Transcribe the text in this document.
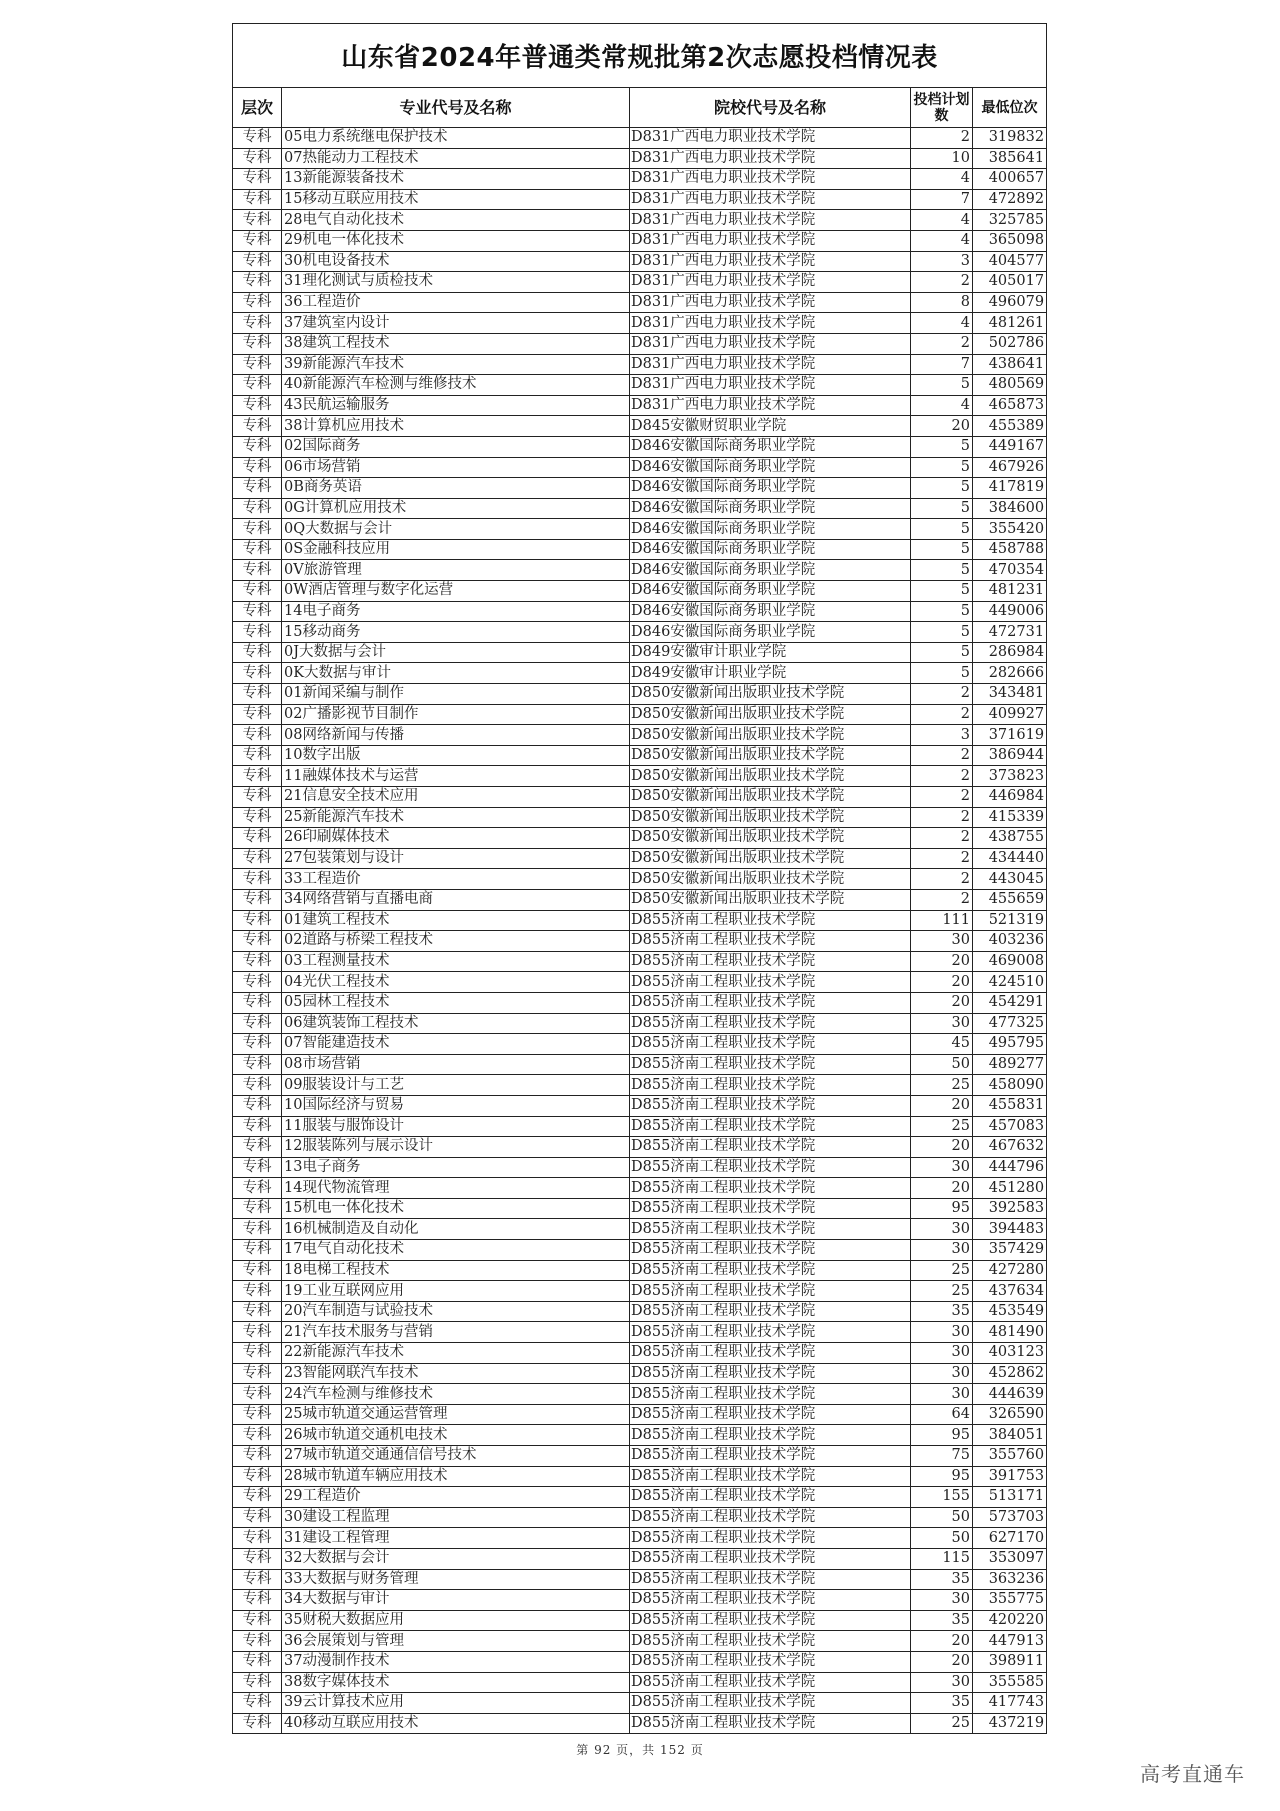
山东省2024年普通类常规批第2次志愿投档情况表				
层次	专业代号及名称	院校代号及名称	投档计划数	最低位次
专科	05电力系统继电保护技术	D831广西电力职业技术学院	2	319832
专科	07热能动力工程技术	D831广西电力职业技术学院	10	385641
专科	13新能源装备技术	D831广西电力职业技术学院	4	400657
专科	15移动互联应用技术	D831广西电力职业技术学院	7	472892
专科	28电气自动化技术	D831广西电力职业技术学院	4	325785
专科	29机电一体化技术	D831广西电力职业技术学院	4	365098
专科	30机电设备技术	D831广西电力职业技术学院	3	404577
专科	31理化测试与质检技术	D831广西电力职业技术学院	2	405017
专科	36工程造价	D831广西电力职业技术学院	8	496079
专科	37建筑室内设计	D831广西电力职业技术学院	4	481261
专科	38建筑工程技术	D831广西电力职业技术学院	2	502786
专科	39新能源汽车技术	D831广西电力职业技术学院	7	438641
专科	40新能源汽车检测与维修技术	D831广西电力职业技术学院	5	480569
专科	43民航运输服务	D831广西电力职业技术学院	4	465873
专科	38计算机应用技术	D845安徽财贸职业学院	20	455389
专科	02国际商务	D846安徽国际商务职业学院	5	449167
专科	06市场营销	D846安徽国际商务职业学院	5	467926
专科	0B商务英语	D846安徽国际商务职业学院	5	417819
专科	0G计算机应用技术	D846安徽国际商务职业学院	5	384600
专科	0Q大数据与会计	D846安徽国际商务职业学院	5	355420
专科	0S金融科技应用	D846安徽国际商务职业学院	5	458788
专科	0V旅游管理	D846安徽国际商务职业学院	5	470354
专科	0W酒店管理与数字化运营	D846安徽国际商务职业学院	5	481231
专科	14电子商务	D846安徽国际商务职业学院	5	449006
专科	15移动商务	D846安徽国际商务职业学院	5	472731
专科	0J大数据与会计	D849安徽审计职业学院	5	286984
专科	0K大数据与审计	D849安徽审计职业学院	5	282666
专科	01新闻采编与制作	D850安徽新闻出版职业技术学院	2	343481
专科	02广播影视节目制作	D850安徽新闻出版职业技术学院	2	409927
专科	08网络新闻与传播	D850安徽新闻出版职业技术学院	3	371619
专科	10数字出版	D850安徽新闻出版职业技术学院	2	386944
专科	11融媒体技术与运营	D850安徽新闻出版职业技术学院	2	373823
专科	21信息安全技术应用	D850安徽新闻出版职业技术学院	2	446984
专科	25新能源汽车技术	D850安徽新闻出版职业技术学院	2	415339
专科	26印刷媒体技术	D850安徽新闻出版职业技术学院	2	438755
专科	27包装策划与设计	D850安徽新闻出版职业技术学院	2	434440
专科	33工程造价	D850安徽新闻出版职业技术学院	2	443045
专科	34网络营销与直播电商	D850安徽新闻出版职业技术学院	2	455659
专科	01建筑工程技术	D855济南工程职业技术学院	111	521319
专科	02道路与桥梁工程技术	D855济南工程职业技术学院	30	403236
专科	03工程测量技术	D855济南工程职业技术学院	20	469008
专科	04光伏工程技术	D855济南工程职业技术学院	20	424510
专科	05园林工程技术	D855济南工程职业技术学院	20	454291
专科	06建筑装饰工程技术	D855济南工程职业技术学院	30	477325
专科	07智能建造技术	D855济南工程职业技术学院	45	495795
专科	08市场营销	D855济南工程职业技术学院	50	489277
专科	09服装设计与工艺	D855济南工程职业技术学院	25	458090
专科	10国际经济与贸易	D855济南工程职业技术学院	20	455831
专科	11服装与服饰设计	D855济南工程职业技术学院	25	457083
专科	12服装陈列与展示设计	D855济南工程职业技术学院	20	467632
专科	13电子商务	D855济南工程职业技术学院	30	444796
专科	14现代物流管理	D855济南工程职业技术学院	20	451280
专科	15机电一体化技术	D855济南工程职业技术学院	95	392583
专科	16机械制造及自动化	D855济南工程职业技术学院	30	394483
专科	17电气自动化技术	D855济南工程职业技术学院	30	357429
专科	18电梯工程技术	D855济南工程职业技术学院	25	427280
专科	19工业互联网应用	D855济南工程职业技术学院	25	437634
专科	20汽车制造与试验技术	D855济南工程职业技术学院	35	453549
专科	21汽车技术服务与营销	D855济南工程职业技术学院	30	481490
专科	22新能源汽车技术	D855济南工程职业技术学院	30	403123
专科	23智能网联汽车技术	D855济南工程职业技术学院	30	452862
专科	24汽车检测与维修技术	D855济南工程职业技术学院	30	444639
专科	25城市轨道交通运营管理	D855济南工程职业技术学院	64	326590
专科	26城市轨道交通机电技术	D855济南工程职业技术学院	95	384051
专科	27城市轨道交通通信信号技术	D855济南工程职业技术学院	75	355760
专科	28城市轨道车辆应用技术	D855济南工程职业技术学院	95	391753
专科	29工程造价	D855济南工程职业技术学院	155	513171
专科	30建设工程监理	D855济南工程职业技术学院	50	573703
专科	31建设工程管理	D855济南工程职业技术学院	50	627170
专科	32大数据与会计	D855济南工程职业技术学院	115	353097
专科	33大数据与财务管理	D855济南工程职业技术学院	35	363236
专科	34大数据与审计	D855济南工程职业技术学院	30	355775
专科	35财税大数据应用	D855济南工程职业技术学院	35	420220
专科	36会展策划与管理	D855济南工程职业技术学院	20	447913
专科	37动漫制作技术	D855济南工程职业技术学院	20	398911
专科	38数字媒体技术	D855济南工程职业技术学院	30	355585
专科	39云计算技术应用	D855济南工程职业技术学院	35	417743
专科	40移动互联应用技术	D855济南工程职业技术学院	25	437219
第 92 页，共 152 页
高考直通车
